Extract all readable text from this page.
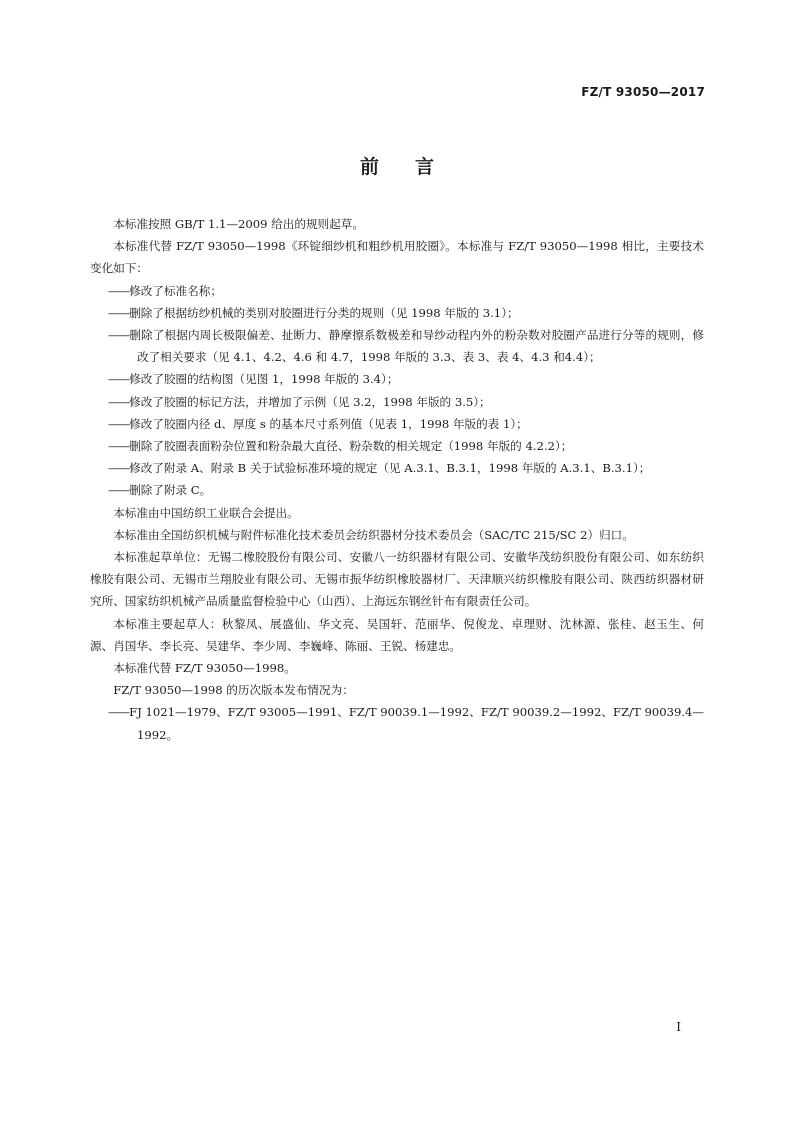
FZ/T 93050—2017
前言

本标准按照 GB/T 1.1—2009 给出的规则起草。

本标准代替 FZ/T 93050—1998《环锭细纱机和粗纱机用胶圈》。本标准与 FZ/T 93050—1998 相比，主要技术变化如下：

——修改了标准名称；

——删除了根据纺纱机械的类别对胶圈进行分类的规则（见 1998 年版的 3.1）；

——删除了根据内周长极限偏差、扯断力、静摩擦系数极差和导纱动程内外的粉杂数对胶圈产品进行分等的规则，修改了相关要求（见 4.1、4.2、4.6 和 4.7，1998 年版的 3.3、表 3、表 4、4.3 和4.4）；

——修改了胶圈的结构图（见图 1，1998 年版的 3.4）；

——修改了胶圈的标记方法，并增加了示例（见 3.2，1998 年版的 3.5）；

——修改了胶圈内径 d、厚度 s 的基本尺寸系列值（见表 1，1998 年版的表 1）；

——删除了胶圈表面粉杂位置和粉杂最大直径、粉杂数的相关规定（1998 年版的 4.2.2）；

——修改了附录 A、附录 B 关于试验标准环境的规定（见 A.3.1、B.3.1，1998 年版的 A.3.1、B.3.1）；

——删除了附录 C。

本标准由中国纺织工业联合会提出。

本标准由全国纺织机械与附件标准化技术委员会纺织器材分技术委员会（SAC/TC 215/SC 2）归口。

本标准起草单位：无锡二橡胶股份有限公司、安徽八一纺织器材有限公司、安徽华茂纺织股份有限公司、如东纺织橡胶有限公司、无锡市兰翔胶业有限公司、无锡市振华纺织橡胶器材厂、天津顺兴纺织橡胶有限公司、陕西纺织器材研究所、国家纺织机械产品质量监督检验中心（山西）、上海远东钢丝针布有限责任公司。

本标准主要起草人：秋黎凤、展盛仙、华文亮、吴国轩、范丽华、倪俊龙、卓理财、沈林源、张桂、赵玉生、何源、肖国华、李长亮、吴建华、李少周、李巍峰、陈丽、王锐、杨建忠。

本标准代替 FZ/T 93050—1998。

FZ/T 93050—1998 的历次版本发布情况为：

——FJ 1021—1979、FZ/T 93005—1991、FZ/T 90039.1—1992、FZ/T 90039.2—1992、FZ/T 90039.4—1992。

I
